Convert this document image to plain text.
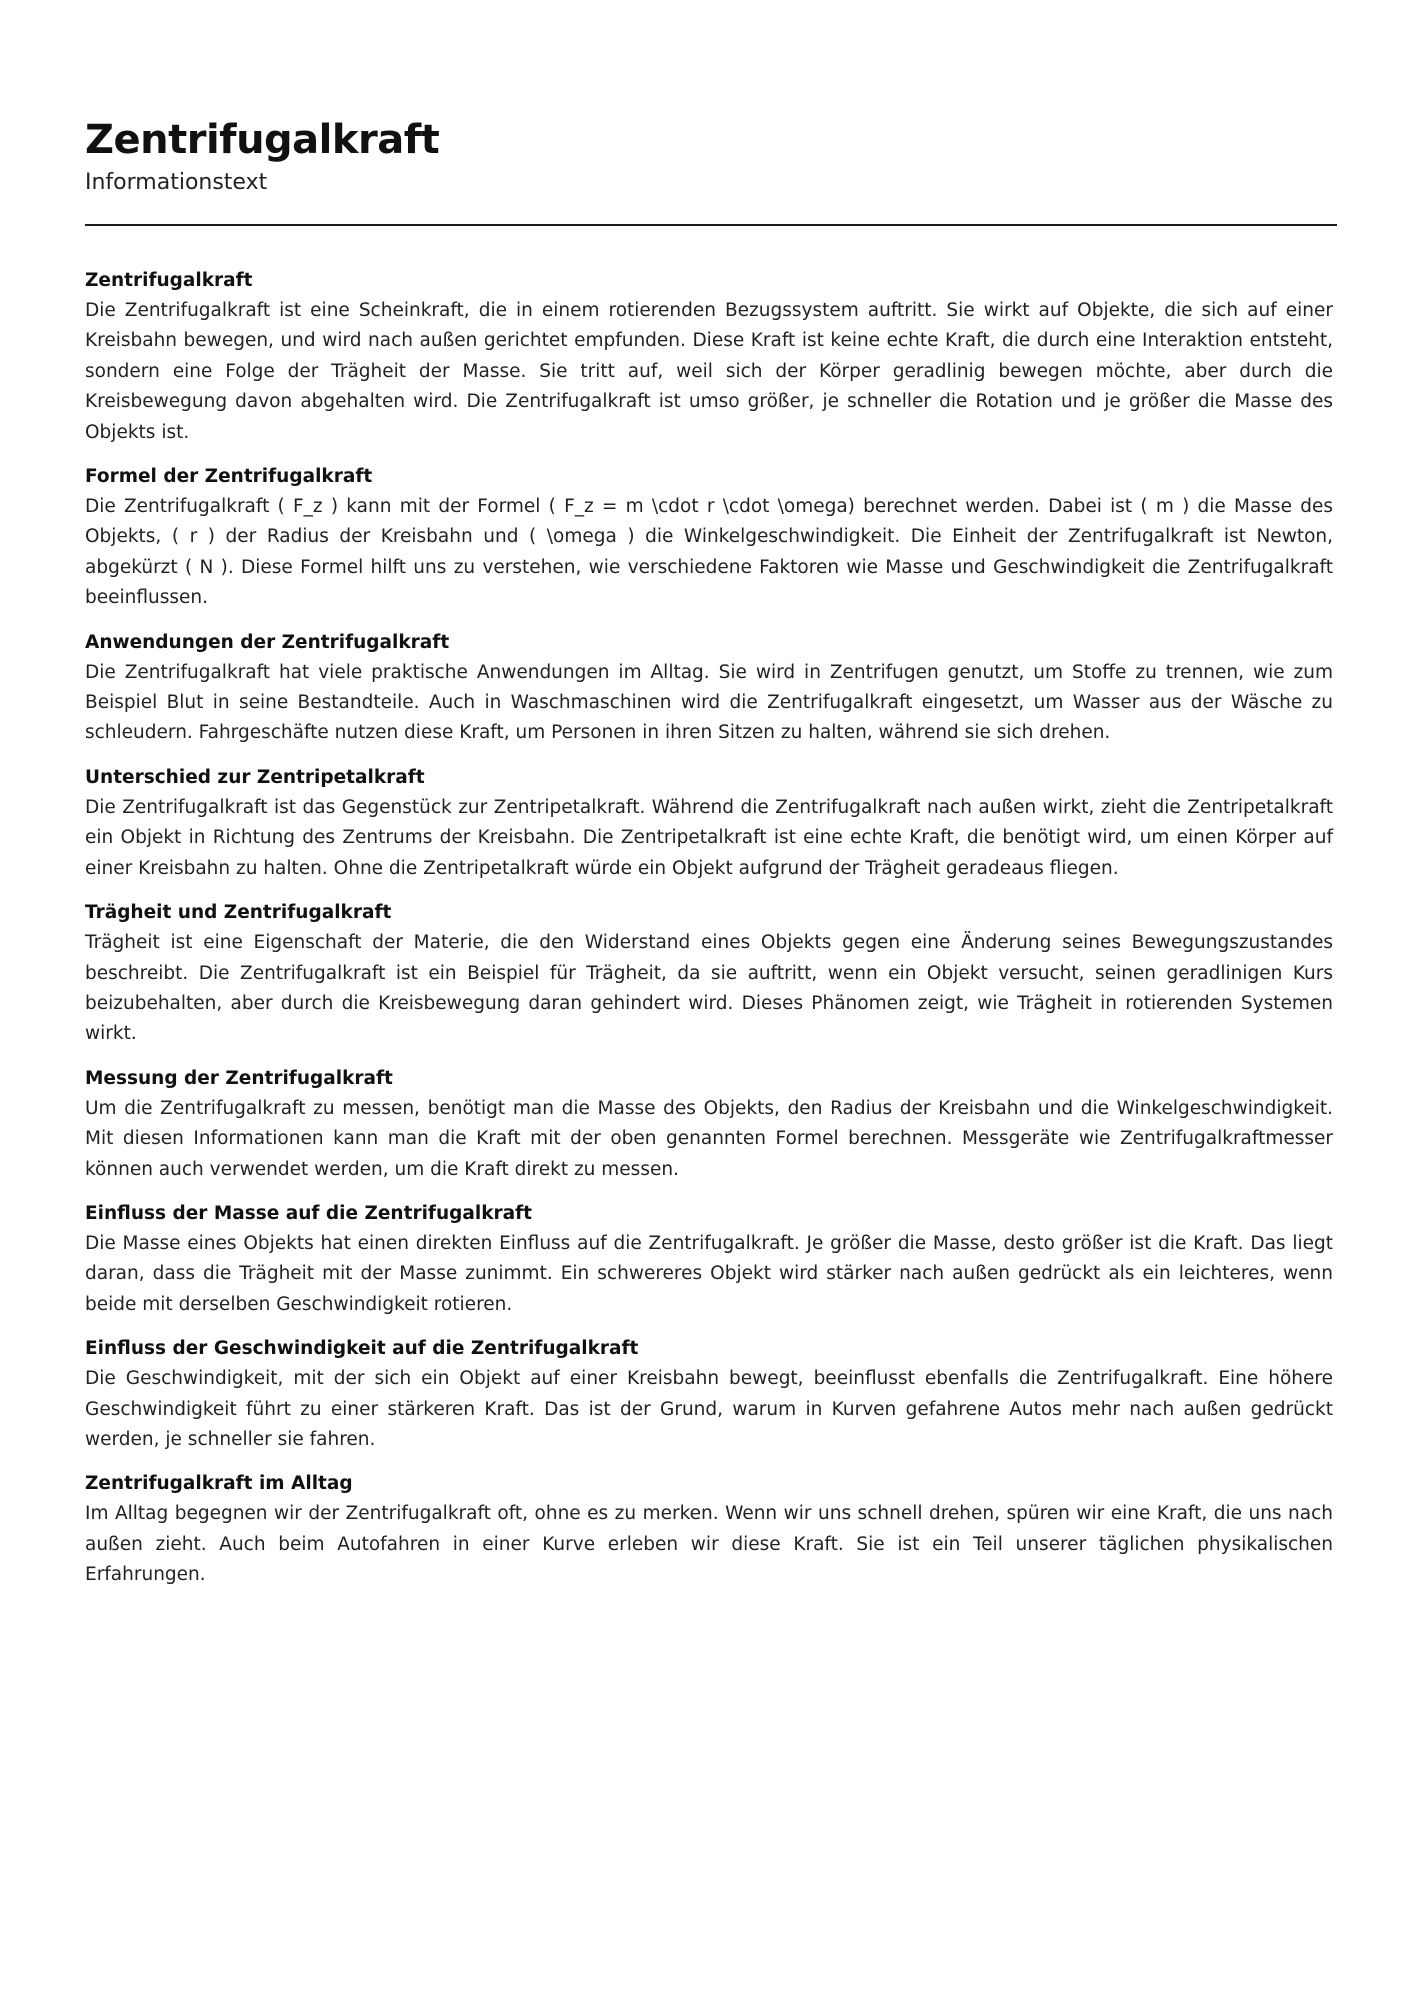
Zentrifugalkraft
Informationstext
Zentrifugalkraft

Die Zentrifugalkraft ist eine Scheinkraft, die in einem rotierenden Bezugssystem auftritt. Sie wirkt auf Objekte, die sich auf einer Kreisbahn bewegen, und wird nach außen gerichtet empfunden. Diese Kraft ist keine echte Kraft, die durch eine Interaktion entsteht, sondern eine Folge der Trägheit der Masse. Sie tritt auf, weil sich der Körper geradlinig bewegen möchte, aber durch die Kreisbewegung davon abgehalten wird. Die Zentrifugalkraft ist umso größer, je schneller die Rotation und je größer die Masse des Objekts ist.

Formel der Zentrifugalkraft

Die Zentrifugalkraft ( F_z ) kann mit der Formel ( F_z = m \cdot r \cdot \omega) berechnet werden. Dabei ist ( m ) die Masse des Objekts, ( r ) der Radius der Kreisbahn und ( \omega ) die Winkelgeschwindigkeit. Die Einheit der Zentrifugalkraft ist Newton, abgekürzt ( N ). Diese Formel hilft uns zu verstehen, wie verschiedene Faktoren wie Masse und Geschwindigkeit die Zentrifugalkraft beeinflussen.

Anwendungen der Zentrifugalkraft

Die Zentrifugalkraft hat viele praktische Anwendungen im Alltag. Sie wird in Zentrifugen genutzt, um Stoffe zu trennen, wie zum Beispiel Blut in seine Bestandteile. Auch in Waschmaschinen wird die Zentrifugalkraft eingesetzt, um Wasser aus der Wäsche zu schleudern. Fahrgeschäfte nutzen diese Kraft, um Personen in ihren Sitzen zu halten, während sie sich drehen.

Unterschied zur Zentripetalkraft

Die Zentrifugalkraft ist das Gegenstück zur Zentripetalkraft. Während die Zentrifugalkraft nach außen wirkt, zieht die Zentripetalkraft ein Objekt in Richtung des Zentrums der Kreisbahn. Die Zentripetalkraft ist eine echte Kraft, die benötigt wird, um einen Körper auf einer Kreisbahn zu halten. Ohne die Zentripetalkraft würde ein Objekt aufgrund der Trägheit geradeaus fliegen.

Trägheit und Zentrifugalkraft

Trägheit ist eine Eigenschaft der Materie, die den Widerstand eines Objekts gegen eine Änderung seines Bewegungszustandes beschreibt. Die Zentrifugalkraft ist ein Beispiel für Trägheit, da sie auftritt, wenn ein Objekt versucht, seinen geradlinigen Kurs beizubehalten, aber durch die Kreisbewegung daran gehindert wird. Dieses Phänomen zeigt, wie Trägheit in rotierenden Systemen wirkt.

Messung der Zentrifugalkraft

Um die Zentrifugalkraft zu messen, benötigt man die Masse des Objekts, den Radius der Kreisbahn und die Winkelgeschwindigkeit. Mit diesen Informationen kann man die Kraft mit der oben genannten Formel berechnen. Messgeräte wie Zentrifugalkraftmesser können auch verwendet werden, um die Kraft direkt zu messen.

Einfluss der Masse auf die Zentrifugalkraft

Die Masse eines Objekts hat einen direkten Einfluss auf die Zentrifugalkraft. Je größer die Masse, desto größer ist die Kraft. Das liegt daran, dass die Trägheit mit der Masse zunimmt. Ein schwereres Objekt wird stärker nach außen gedrückt als ein leichteres, wenn beide mit derselben Geschwindigkeit rotieren.

Einfluss der Geschwindigkeit auf die Zentrifugalkraft

Die Geschwindigkeit, mit der sich ein Objekt auf einer Kreisbahn bewegt, beeinflusst ebenfalls die Zentrifugalkraft. Eine höhere Geschwindigkeit führt zu einer stärkeren Kraft. Das ist der Grund, warum in Kurven gefahrene Autos mehr nach außen gedrückt werden, je schneller sie fahren.

Zentrifugalkraft im Alltag

Im Alltag begegnen wir der Zentrifugalkraft oft, ohne es zu merken. Wenn wir uns schnell drehen, spüren wir eine Kraft, die uns nach außen zieht. Auch beim Autofahren in einer Kurve erleben wir diese Kraft. Sie ist ein Teil unserer täglichen physikalischen Erfahrungen.
